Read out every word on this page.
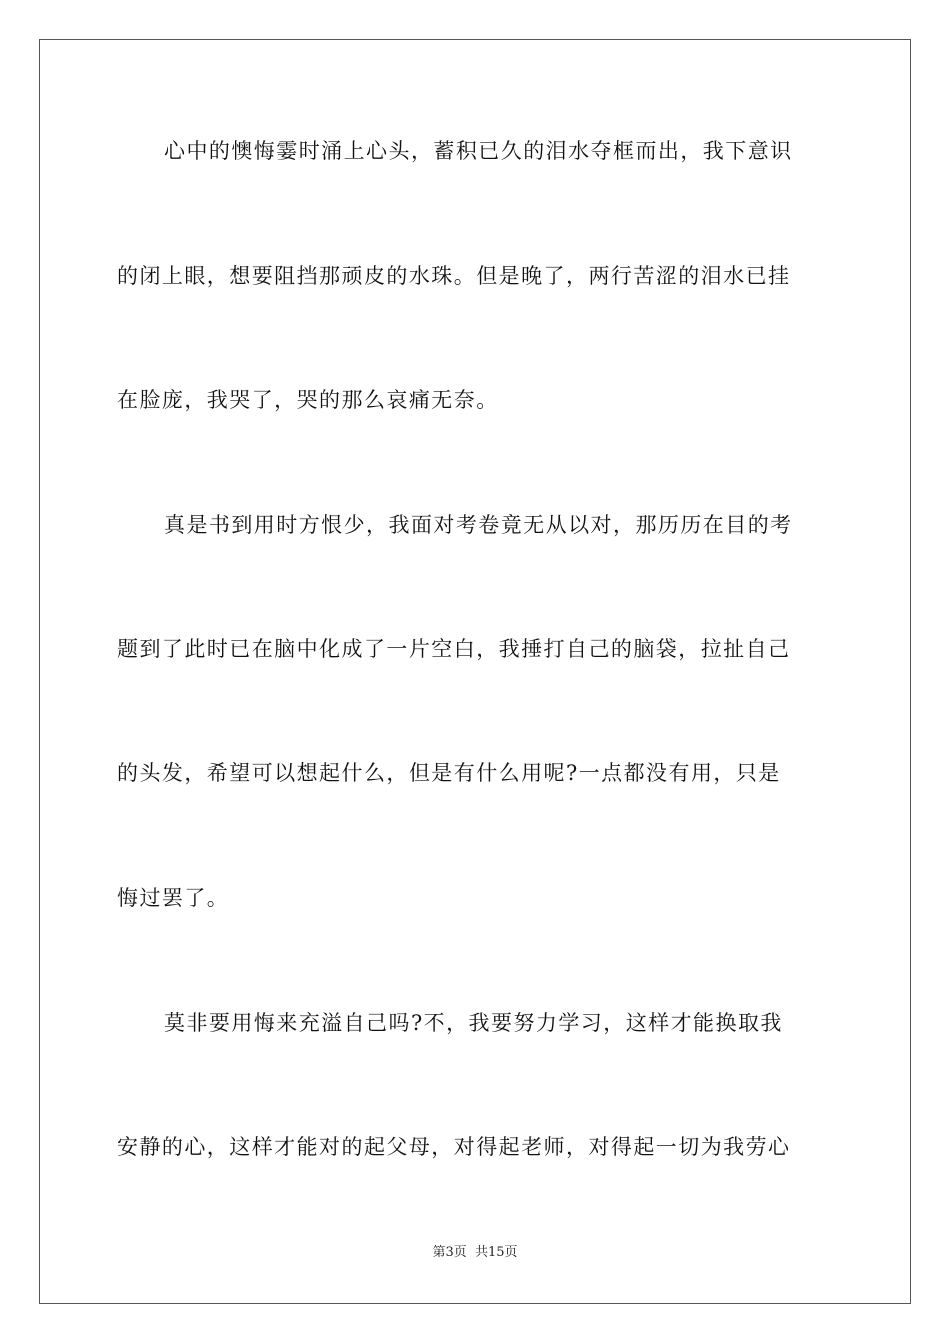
心中的懊悔霎时涌上心头，蓄积已久的泪水夺框而出，我下意识
的闭上眼，想要阻挡那顽皮的水珠。但是晚了，两行苦涩的泪水已挂
在脸庞，我哭了，哭的那么哀痛无奈。
真是书到用时方恨少，我面对考卷竟无从以对，那历历在目的考
题到了此时已在脑中化成了一片空白，我捶打自己的脑袋，拉扯自己
的头发，希望可以想起什么，但是有什么用呢?一点都没有用，只是
悔过罢了。
莫非要用悔来充溢自己吗?不，我要努力学习，这样才能换取我
安静的心，这样才能对的起父母，对得起老师，对得起一切为我劳心
第3页 共15页
